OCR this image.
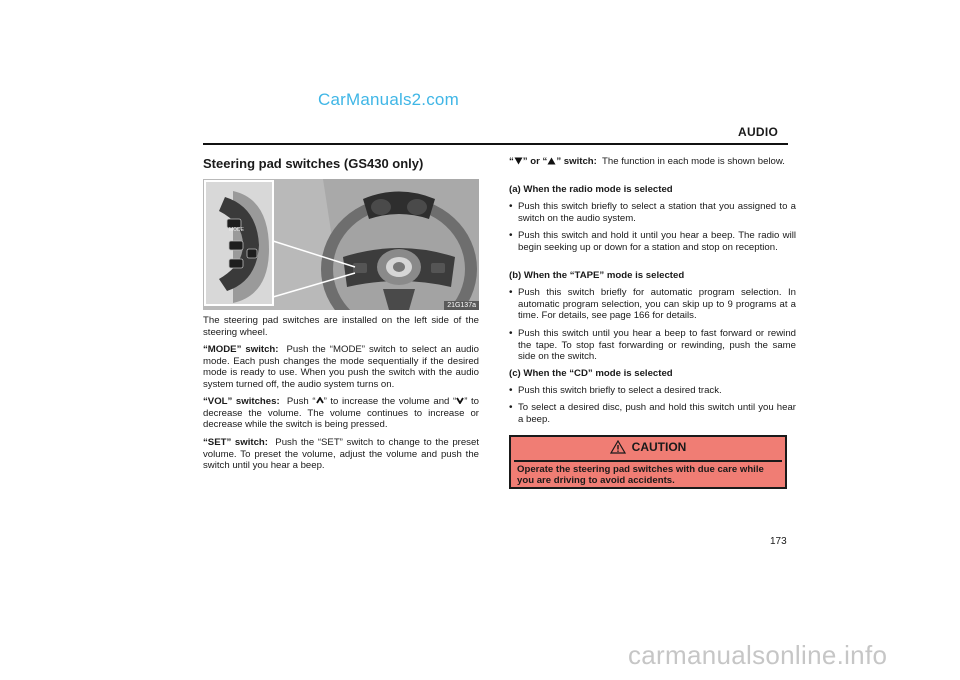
CarManuals2.com
AUDIO
Steering pad switches (GS430 only)
MODE
21G137a
The steering pad switches are installed on the left side of the steering wheel.
“MODE” switch: Push the “MODE” switch to select an audio mode. Each push changes the mode sequentially if the desired mode is ready to use. When you push the switch with the audio system turned off, the audio system turns on.
“VOL” switches: Push “ ” to increase the volume and “ ” to decrease the volume. The volume continues to increase or decrease while the switch is being pressed.
“SET” switch: Push the “SET” switch to change to the preset volume. To preset the volume, adjust the volume and push the switch until you hear a beep.
“ ” or “ ” switch: The function in each mode is shown below.
(a) When the radio mode is selected
• Push this switch briefly to select a station that you assigned to a switch on the audio system.
• Push this switch and hold it until you hear a beep. The radio will begin seeking up or down for a station and stop on reception.
(b) When the “TAPE” mode is selected
• Push this switch briefly for automatic program selection. In automatic program selection, you can skip up to 9 programs at a time. For details, see page 166 for details.
• Push this switch until you hear a beep to fast forward or rewind the tape. To stop fast forwarding or rewinding, push the same side on the switch.
(c) When the “CD” mode is selected
• Push this switch briefly to select a desired track.
• To select a desired disc, push and hold this switch until you hear a beep.
CAUTION
Operate the steering pad switches with due care while you are driving to avoid accidents.
173
carmanualsonline.info
